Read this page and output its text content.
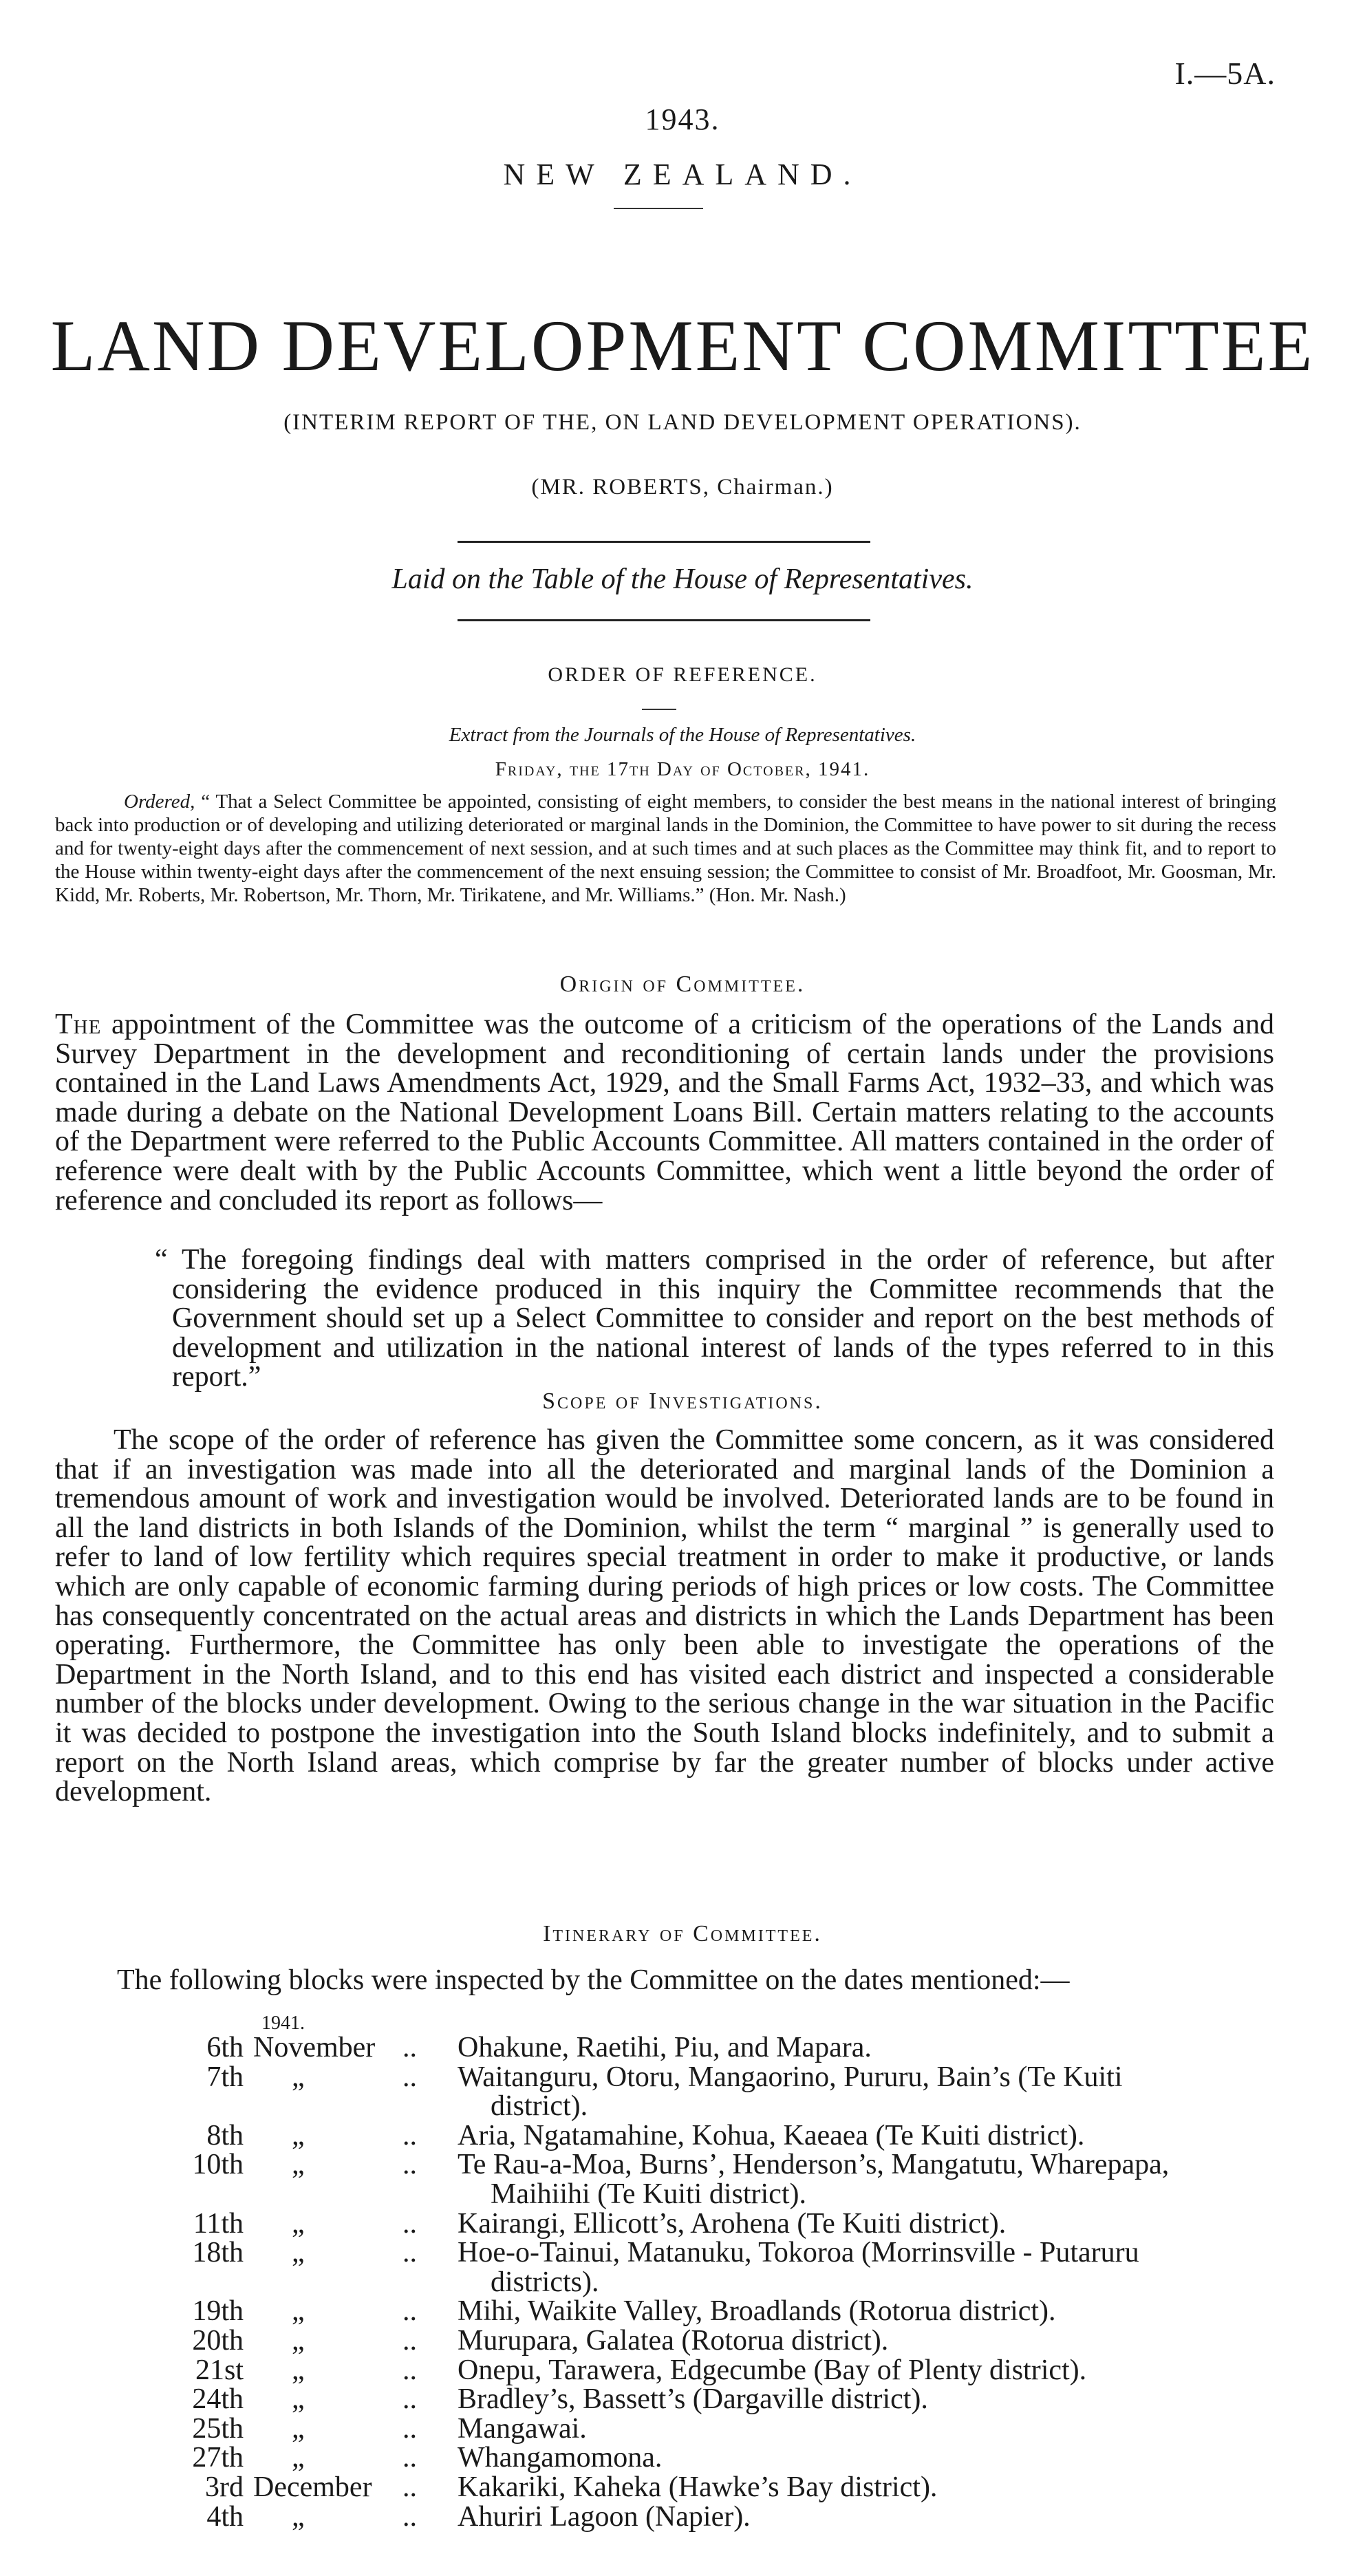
I.—5A.
1943.
NEW ZEALAND.
LAND DEVELOPMENT COMMITTEE
(INTERIM REPORT OF THE, ON LAND DEVELOPMENT OPERATIONS).
(MR. ROBERTS, Chairman.)
Laid on the Table of the House of Representatives.
ORDER OF REFERENCE.
Extract from the Journals of the House of Representatives.
Friday, the 17th Day of October, 1941.
Ordered, “ That a Select Committee be appointed, consisting of eight members, to consider the best means in the national interest of bringing back into production or of developing and utilizing deteriorated or marginal lands in the Dominion, the Committee to have power to sit during the recess and for twenty-eight days after the commencement of next session, and at such times and at such places as the Committee may think fit, and to report to the House within twenty-eight days after the commencement of the next ensuing session; the Committee to consist of Mr. Broadfoot, Mr. Goosman, Mr. Kidd, Mr. Roberts, Mr. Robertson, Mr. Thorn, Mr. Tirikatene, and Mr. Williams.” (Hon. Mr. Nash.)
Origin of Committee.
The appointment of the Committee was the outcome of a criticism of the operations of the Lands and Survey Department in the development and reconditioning of certain lands under the provisions contained in the Land Laws Amendments Act, 1929, and the Small Farms Act, 1932–33, and which was made during a debate on the National Development Loans Bill. Certain matters relating to the accounts of the Department were referred to the Public Accounts Committee. All matters contained in the order of reference were dealt with by the Public Accounts Committee, which went a little beyond the order of reference and concluded its report as follows—
“ The foregoing findings deal with matters comprised in the order of reference, but after considering the evidence produced in this inquiry the Committee recommends that the Government should set up a Select Committee to consider and report on the best methods of development and utilization in the national interest of lands of the types referred to in this report.”
Scope of Investigations.
The scope of the order of reference has given the Committee some concern, as it was considered that if an investigation was made into all the deteriorated and marginal lands of the Dominion a tremendous amount of work and investigation would be involved. Deteriorated lands are to be found in all the land districts in both Islands of the Dominion, whilst the term “ marginal ” is generally used to refer to land of low fertility which requires special treatment in order to make it productive, or lands which are only capable of economic farming during periods of high prices or low costs. The Committee has consequently concentrated on the actual areas and districts in which the Lands Department has been operating. Furthermore, the Committee has only been able to investigate the operations of the Department in the North Island, and to this end has visited each district and inspected a considerable number of the blocks under development. Owing to the serious change in the war situation in the Pacific it was decided to postpone the investigation into the South Island blocks indefinitely, and to submit a report on the North Island areas, which comprise by far the greater number of blocks under active development.
Itinerary of Committee.
The following blocks were inspected by the Committee on the dates mentioned:—
1941.
6th November .. Ohakune, Raetihi, Piu, and Mapara.
7th „	.. Waitanguru, Otoru, Mangaorino, Pururu, Bain’s (Te Kuiti
district).
8th „	.. Aria, Ngatamahine, Kohua, Kaeaea (Te Kuiti district).
10th „	.. Te Rau-a-Moa, Burns’, Henderson’s, Mangatutu, Wharepapa,
Maihiihi (Te Kuiti district).
11th „	.. Kairangi, Ellicott’s, Arohena (Te Kuiti district).
18th „	.. Hoe-o-Tainui, Matanuku, Tokoroa (Morrinsville - Putaruru
districts).
19th „	.. Mihi, Waikite Valley, Broadlands (Rotorua district).
20th „	.. Murupara, Galatea (Rotorua district).
21st „	.. Onepu, Tarawera, Edgecumbe (Bay of Plenty district).
24th „	.. Bradley’s, Bassett’s (Dargaville district).
25th „	.. Mangawai.
27th „	.. Whangamomona.
3rd December	.. Kakariki, Kaheka (Hawke’s Bay district).
4th „	.. Ahuriri Lagoon (Napier).
